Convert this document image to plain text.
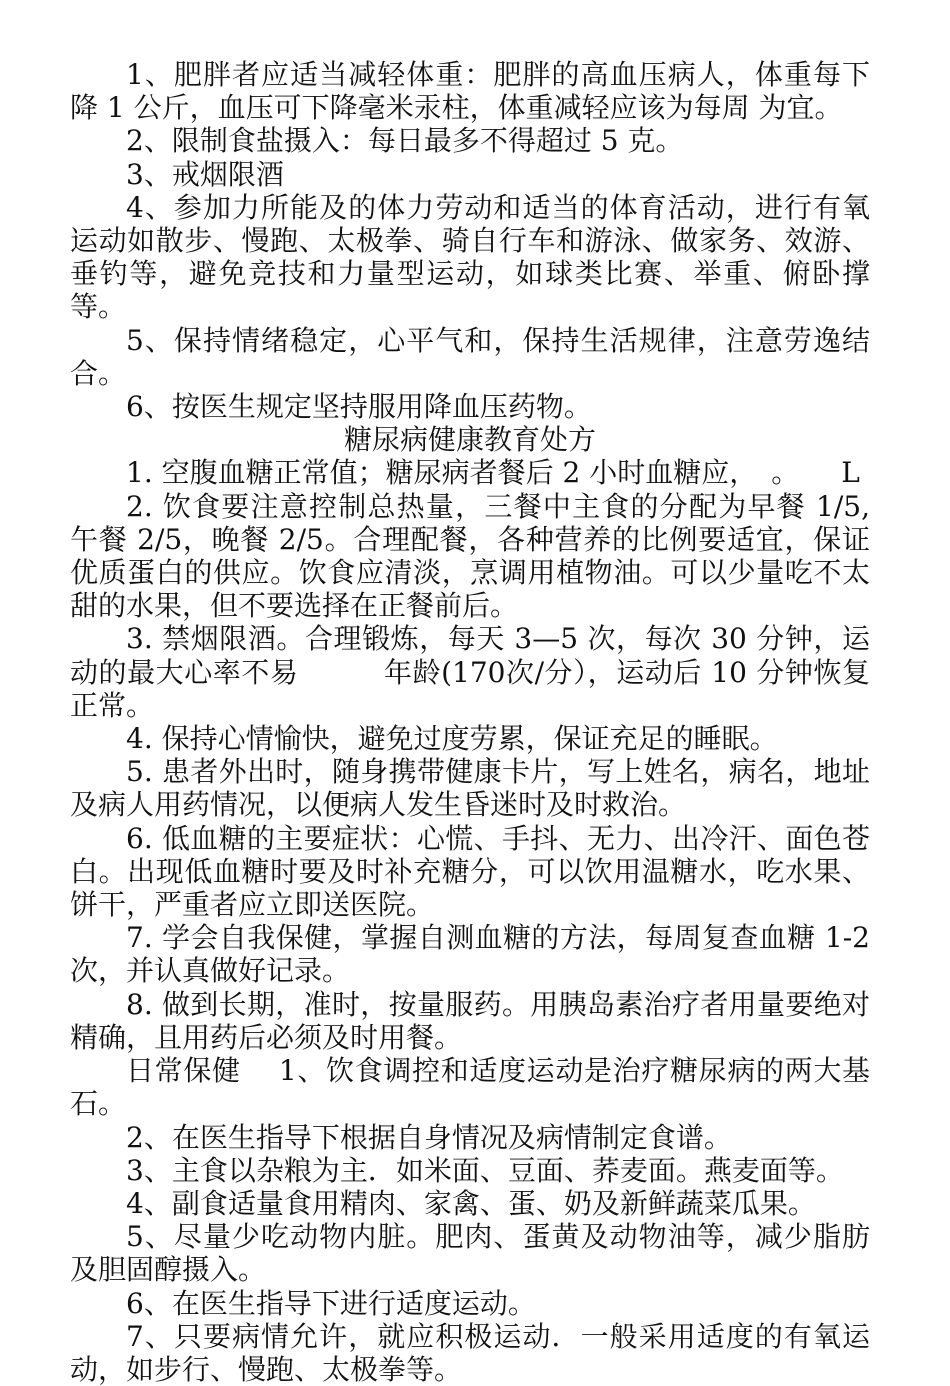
1、肥胖者应适当减轻体重：肥胖的高血压病人，体重每下降 1 公斤，血压可下降毫米汞柱，体重减轻应该为每周 为宜。

2、限制食盐摄入：每日最多不得超过 5 克。

3、戒烟限酒

4、参加力所能及的体力劳动和适当的体育活动，进行有氧运动如散步、慢跑、太极拳、骑自行车和游泳、做家务、效游、垂钓等，避免竞技和力量型运动，如球类比赛、举重、俯卧撑等。

5、保持情绪稳定，心平气和，保持生活规律，注意劳逸结合。

6、按医生规定坚持服用降血压药物。

糖尿病健康教育处方

1. 空腹血糖正常值；糖尿病者餐后 2 小时血糖应，　。　　L

2. 饮食要注意控制总热量，三餐中主食的分配为早餐 1/5, 午餐 2/5，晚餐 2/5。合理配餐，各种营养的比例要适宜，保证优质蛋白的供应。饮食应清淡，烹调用植物油。可以少量吃不太甜的水果，但不要选择在正餐前后。

3. 禁烟限酒。合理锻炼，每天 3—5 次，每次 30 分钟，运动的最大心率不易　　　年龄(170次/分），运动后 10 分钟恢复正常。

4. 保持心情愉快，避免过度劳累，保证充足的睡眠。

5. 患者外出时，随身携带健康卡片，写上姓名，病名，地址及病人用药情况，以便病人发生昏迷时及时救治。

6. 低血糖的主要症状：心慌、手抖、无力、出冷汗、面色苍白。出现低血糖时要及时补充糖分，可以饮用温糖水，吃水果、饼干，严重者应立即送医院。

7. 学会自我保健，掌握自测血糖的方法，每周复查血糖 1-2 次，并认真做好记录。

8. 做到长期，准时，按量服药。用胰岛素治疗者用量要绝对精确，且用药后必须及时用餐。

日常保健　 1、饮食调控和适度运动是治疗糖尿病的两大基石。

2、在医生指导下根据自身情况及病情制定食谱。

3、主食以杂粮为主．如米面、豆面、荞麦面。燕麦面等。

4、副食适量食用精肉、家禽、蛋、奶及新鲜蔬菜瓜果。

5、尽量少吃动物内脏。肥肉、蛋黄及动物油等，减少脂肪及胆固醇摄入。

6、在医生指导下进行适度运动。

7、只要病情允许，就应积极运动．一般采用适度的有氧运动，如步行、慢跑、太极拳等。
